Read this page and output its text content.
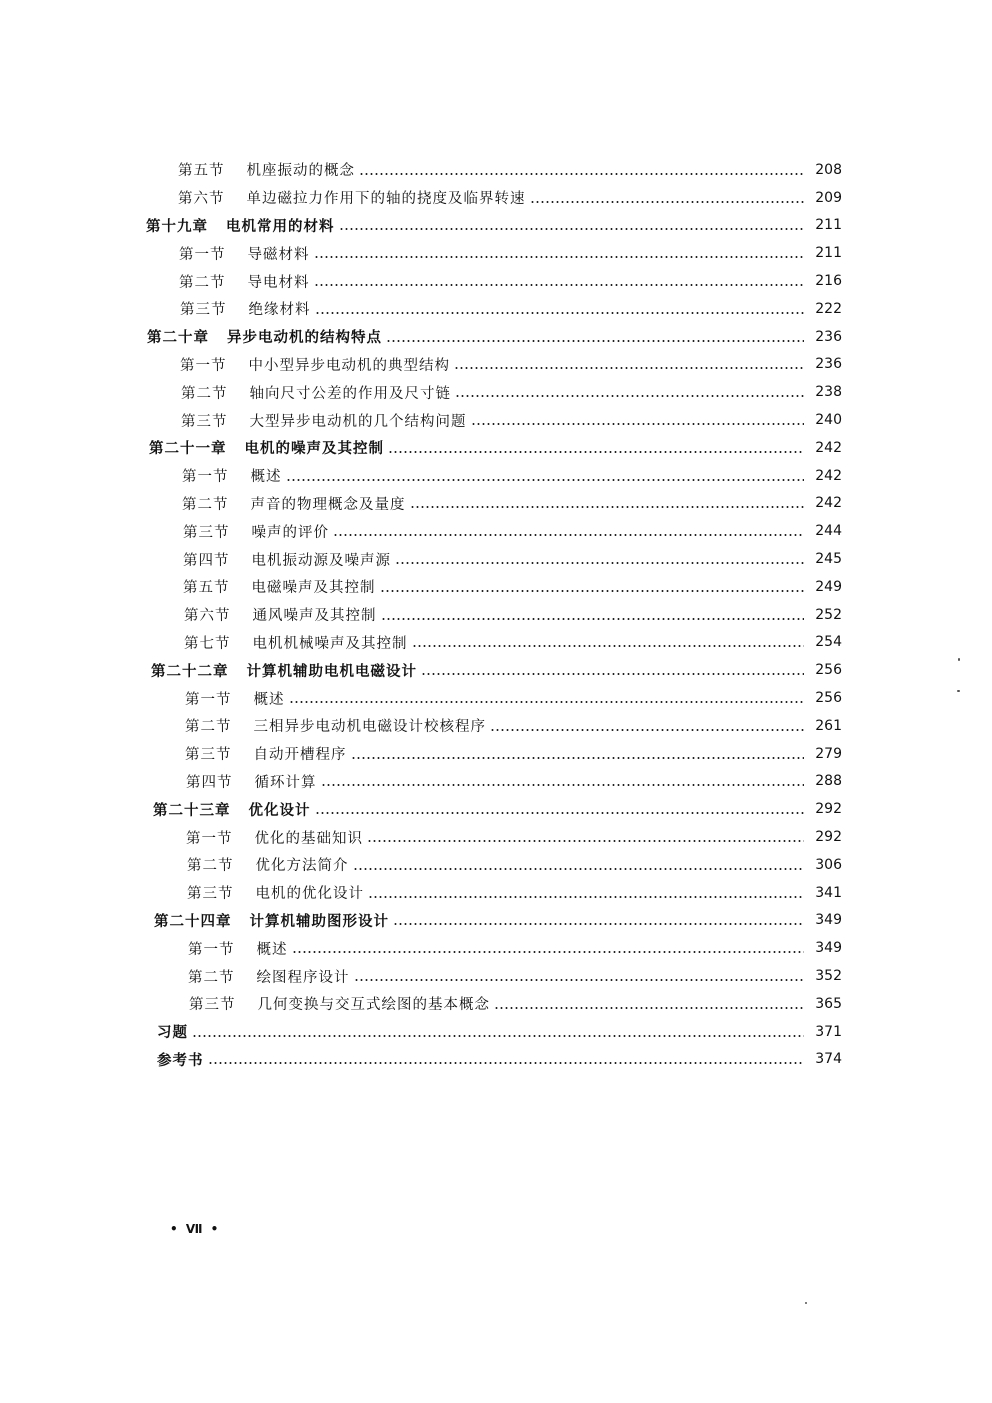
第五节 机座振动的概念	208
第六节 单边磁拉力作用下的轴的挠度及临界转速	209
第十九章 电机常用的材料	211
第一节 导磁材料	211
第二节 导电材料	216
第三节 绝缘材料	222
第二十章 异步电动机的结构特点	236
第一节 中小型异步电动机的典型结构	236
第二节 轴向尺寸公差的作用及尺寸链	238
第三节 大型异步电动机的几个结构问题	240
第二十一章 电机的噪声及其控制	242
第一节 概述	242
第二节 声音的物理概念及量度	242
第三节 噪声的评价	244
第四节 电机振动源及噪声源	245
第五节 电磁噪声及其控制	249
第六节 通风噪声及其控制	252
第七节 电机机械噪声及其控制	254
第二十二章 计算机辅助电机电磁设计	256
第一节 概述	256
第二节 三相异步电动机电磁设计校核程序	261
第三节 自动开槽程序	279
第四节 循环计算	288
第二十三章 优化设计	292
第一节 优化的基础知识	292
第二节 优化方法简介	306
第三节 电机的优化设计	341
第二十四章 计算机辅助图形设计	349
第一节 概述	349
第二节 绘图程序设计	352
第三节 几何变换与交互式绘图的基本概念	365
习题	371
参考书	374
• Ⅶ •
